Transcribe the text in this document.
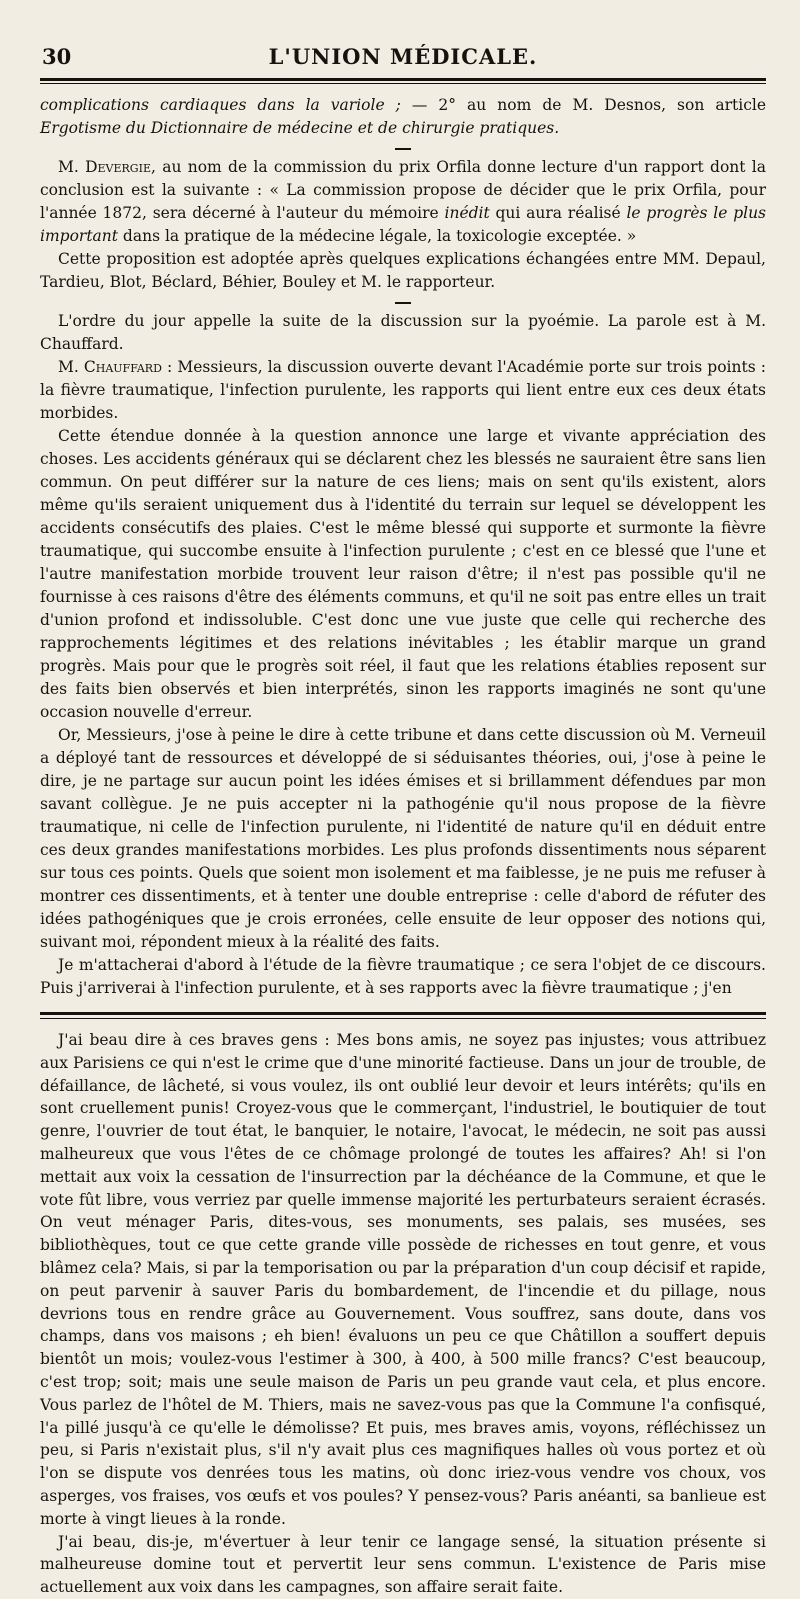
30	L'UNION MÉDICALE.

complications cardiaques dans la variole ; — 2° au nom de M. Desnos, son article Ergotisme du Dictionnaire de médecine et de chirurgie pratiques.

M. Devergie, au nom de la commission du prix Orfila donne lecture d'un rapport dont la conclusion est la suivante : « La commission propose de décider que le prix Orfila, pour l'année 1872, sera décerné à l'auteur du mémoire inédit qui aura réalisé le progrès le plus important dans la pratique de la médecine légale, la toxicologie exceptée. »

Cette proposition est adoptée après quelques explications échangées entre MM. Depaul, Tardieu, Blot, Béclard, Béhier, Bouley et M. le rapporteur.

L'ordre du jour appelle la suite de la discussion sur la pyoémie. La parole est à M. Chauffard.

M. Chauffard : Messieurs, la discussion ouverte devant l'Académie porte sur trois points : la fièvre traumatique, l'infection purulente, les rapports qui lient entre eux ces deux états morbides.

Cette étendue donnée à la question annonce une large et vivante appréciation des choses. Les accidents généraux qui se déclarent chez les blessés ne sauraient être sans lien commun. On peut différer sur la nature de ces liens; mais on sent qu'ils existent, alors même qu'ils seraient uniquement dus à l'identité du terrain sur lequel se développent les accidents consécutifs des plaies. C'est le même blessé qui supporte et surmonte la fièvre traumatique, qui succombe ensuite à l'infection purulente ; c'est en ce blessé que l'une et l'autre manifestation morbide trouvent leur raison d'être; il n'est pas possible qu'il ne fournisse à ces raisons d'être des éléments communs, et qu'il ne soit pas entre elles un trait d'union profond et indissoluble. C'est donc une vue juste que celle qui recherche des rapprochements légitimes et des relations inévitables ; les établir marque un grand progrès. Mais pour que le progrès soit réel, il faut que les relations établies reposent sur des faits bien observés et bien interprétés, sinon les rapports imaginés ne sont qu'une occasion nouvelle d'erreur.

Or, Messieurs, j'ose à peine le dire à cette tribune et dans cette discussion où M. Verneuil a déployé tant de ressources et développé de si séduisantes théories, oui, j'ose à peine le dire, je ne partage sur aucun point les idées émises et si brillamment défendues par mon savant collègue. Je ne puis accepter ni la pathogénie qu'il nous propose de la fièvre traumatique, ni celle de l'infection purulente, ni l'identité de nature qu'il en déduit entre ces deux grandes manifestations morbides. Les plus profonds dissentiments nous séparent sur tous ces points. Quels que soient mon isolement et ma faiblesse, je ne puis me refuser à montrer ces dissentiments, et à tenter une double entreprise : celle d'abord de réfuter des idées pathogéniques que je crois erronées, celle ensuite de leur opposer des notions qui, suivant moi, répondent mieux à la réalité des faits.

Je m'attacherai d'abord à l'étude de la fièvre traumatique ; ce sera l'objet de ce discours. Puis j'arriverai à l'infection purulente, et à ses rapports avec la fièvre traumatique ; j'en

J'ai beau dire à ces braves gens : Mes bons amis, ne soyez pas injustes; vous attribuez aux Parisiens ce qui n'est le crime que d'une minorité factieuse. Dans un jour de trouble, de défaillance, de lâcheté, si vous voulez, ils ont oublié leur devoir et leurs intérêts; qu'ils en sont cruellement punis! Croyez-vous que le commerçant, l'industriel, le boutiquier de tout genre, l'ouvrier de tout état, le banquier, le notaire, l'avocat, le médecin, ne soit pas aussi malheureux que vous l'êtes de ce chômage prolongé de toutes les affaires? Ah! si l'on mettait aux voix la cessation de l'insurrection par la déchéance de la Commune, et que le vote fût libre, vous verriez par quelle immense majorité les perturbateurs seraient écrasés. On veut ménager Paris, dites-vous, ses monuments, ses palais, ses musées, ses bibliothèques, tout ce que cette grande ville possède de richesses en tout genre, et vous blâmez cela? Mais, si par la temporisation ou par la préparation d'un coup décisif et rapide, on peut parvenir à sauver Paris du bombardement, de l'incendie et du pillage, nous devrions tous en rendre grâce au Gouvernement. Vous souffrez, sans doute, dans vos champs, dans vos maisons ; eh bien! évaluons un peu ce que Châtillon a souffert depuis bientôt un mois; voulez-vous l'estimer à 300, à 400, à 500 mille francs? C'est beaucoup, c'est trop; soit; mais une seule maison de Paris un peu grande vaut cela, et plus encore. Vous parlez de l'hôtel de M. Thiers, mais ne savez-vous pas que la Commune l'a confisqué, l'a pillé jusqu'à ce qu'elle le démolisse? Et puis, mes braves amis, voyons, réfléchissez un peu, si Paris n'existait plus, s'il n'y avait plus ces magnifiques halles où vous portez et où l'on se dispute vos denrées tous les matins, où donc iriez-vous vendre vos choux, vos asperges, vos fraises, vos œufs et vos poules? Y pensez-vous? Paris anéanti, sa banlieue est morte à vingt lieues à la ronde.

J'ai beau, dis-je, m'évertuer à leur tenir ce langage sensé, la situation présente si malheureuse domine tout et pervertit leur sens commun. L'existence de Paris mise actuellement aux voix dans les campagnes, son affaire serait faite.
